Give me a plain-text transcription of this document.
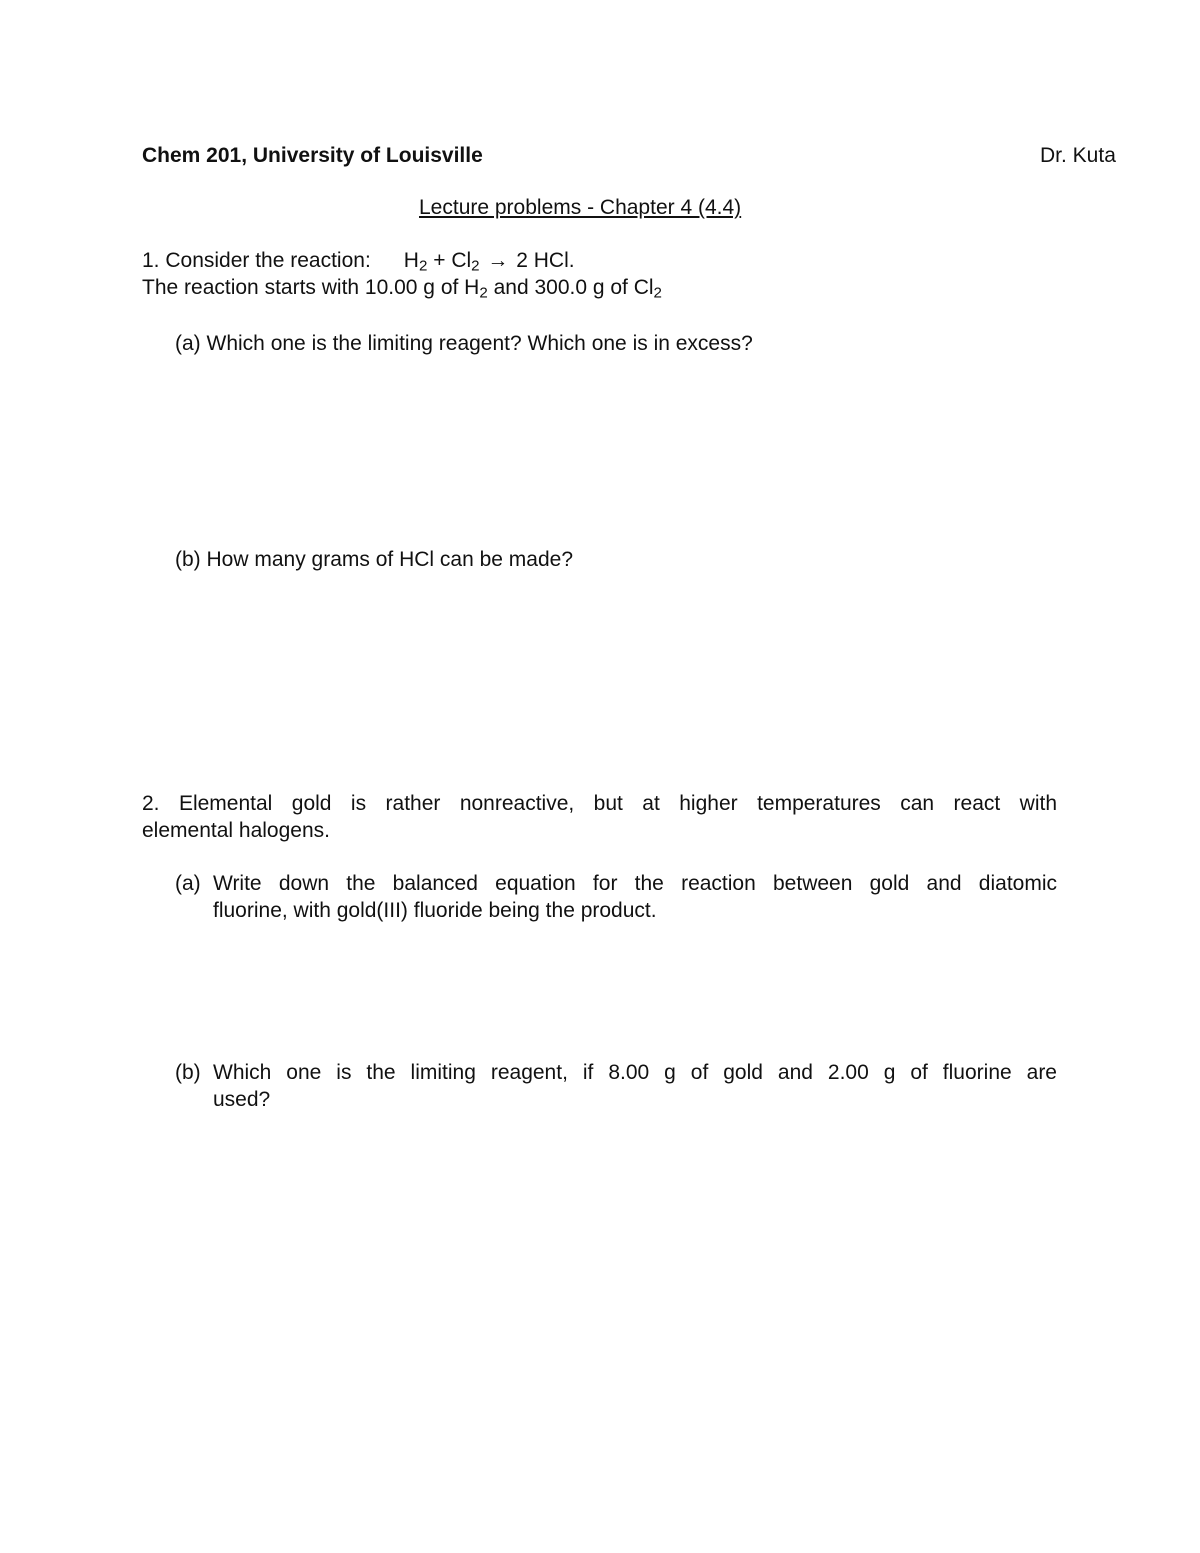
Chem 201, University of Louisville	Dr. Kuta
Lecture problems - Chapter 4 (4.4)
1. Consider the reaction: $H_2 + Cl_2 \to 2$ HCl.
The reaction starts with 10.00 g of $H_2$ and 300.0 g of $Cl_2$
(a) Which one is the limiting reagent? Which one is in excess?
(b) How many grams of HCl can be made?
2. Elemental gold is rather nonreactive, but at higher temperatures can react with
elemental halogens.
(a) Write down the balanced equation for the reaction between gold and diatomic
fluorine, with gold(III) fluoride being the product.
(b) Which one is the limiting reagent, if 8.00 g of gold and 2.00 g of fluorine are
used?
